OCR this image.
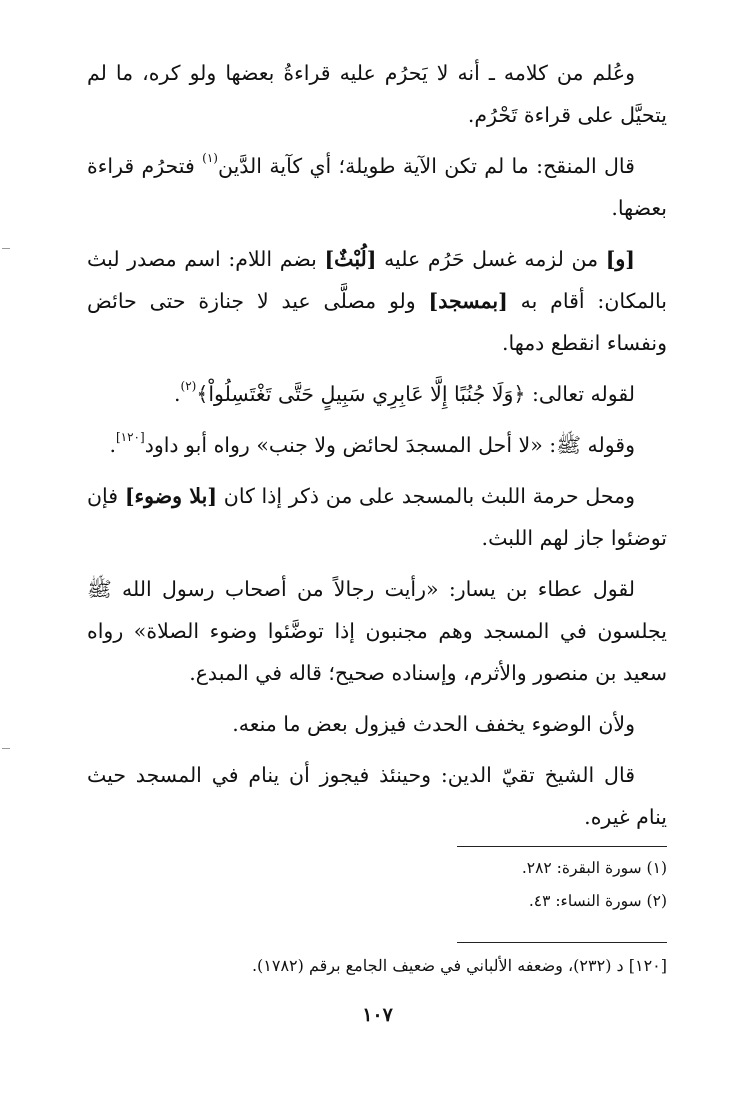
وعُلم من كلامه ـ أنه لا يَحرُم عليه قراءةُ بعضها ولو كره، ما لم يتحيَّل على قراءة تَحْرُم.

قال المنقح: ما لم تكن الآية طويلة؛ أي كآية الدَّين$^{(١)}$ فتحرُم قراءة بعضها.

[و] من لزمه غسل حَرُم عليه [لُبْثٌ] بضم اللام: اسم مصدر لبث بالمكان: أقام به [بمسجد] ولو مصلَّى عيد لا جنازة حتى حائض ونفساء انقطع دمها.

لقوله تعالى: ﴿وَلَا جُنُبًا إِلَّا عَابِرِي سَبِيلٍ حَتَّى تَغْتَسِلُواْ﴾$^{(٢)}$.

وقوله ﷺ: «لا أحل المسجدَ لحائض ولا جنب» رواه أبو داود[١٢٠].

ومحل حرمة اللبث بالمسجد على من ذكر إذا كان [بلا وضوء] فإن توضئوا جاز لهم اللبث.

لقول عطاء بن يسار: «رأيت رجالاً من أصحاب رسول الله ﷺ يجلسون في المسجد وهم مجنبون إذا توضَّئوا وضوء الصلاة» رواه سعيد بن منصور والأثرم، وإسناده صحيح؛ قاله في المبدع.

ولأن الوضوء يخفف الحدث فيزول بعض ما منعه.

قال الشيخ تقيّ الدين: وحينئذ فيجوز أن ينام في المسجد حيث ينام غيره.

(١) سورة البقرة: ٢٨٢.
(٢) سورة النساء: ٤٣.
[١٢٠] د (٢٣٢)، وضعفه الألباني في ضعيف الجامع برقم (١٧٨٢).
١٠٧
